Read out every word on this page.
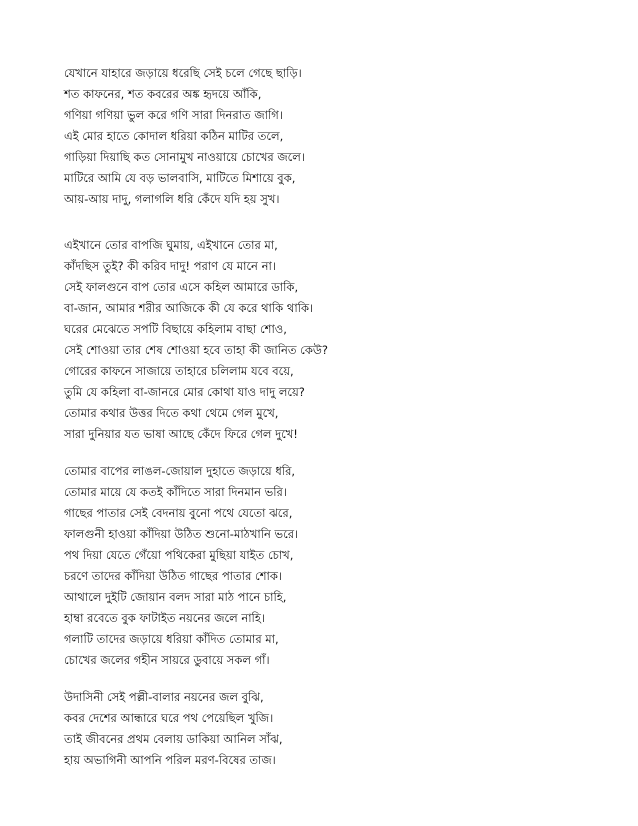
যেখানে যাহারে জড়ায়ে ধরেছি সেই চলে গেছে ছাড়ি।
শত কাফনের, শত কবরের অঙ্ক হৃদয়ে আঁকি,
গণিয়া গণিয়া ভুল করে গণি সারা দিনরাত জাগি।
এই মোর হাতে কোদাল ধরিয়া কঠিন মাটির তলে,
গাড়িয়া দিয়াছি কত সোনামুখ নাওয়ায়ে চোখের জলে।
মাটিরে আমি যে বড় ভালবাসি, মাটিতে মিশায়ে বুক,
আয়-আয় দাদু, গলাগলি ধরি কেঁদে যদি হয় সুখ।
এইখানে তোর বাপজি ঘুমায়, এইখানে তোর মা,
কাঁদছিস তুই? কী করিব দাদু! পরাণ যে মানে না।
সেই ফালগুনে বাপ তোর এসে কহিল আমারে ডাকি,
বা-জান, আমার শরীর আজিকে কী যে করে থাকি থাকি।
ঘরের মেঝেতে সপটি বিছায়ে কহিলাম বাছা শোও,
সেই শোওয়া তার শেষ শোওয়া হবে তাহা কী জানিত কেউ?
গোরের কাফনে সাজায়ে তাহারে চলিলাম যবে বয়ে,
তুমি যে কহিলা বা-জানরে মোর কোথা যাও দাদু লয়ে?
তোমার কথার উত্তর দিতে কথা থেমে গেল মুখে,
সারা দুনিয়ার যত ভাষা আছে কেঁদে ফিরে গেল দুখে!
তোমার বাপের লাঙল-জোয়াল দুহাতে জড়ায়ে ধরি,
তোমার মায়ে যে কতই কাঁদিতে সারা দিনমান ভরি।
গাছের পাতার সেই বেদনায় বুনো পথে যেতো ঝরে,
ফালগুনী হাওয়া কাঁদিয়া উঠিত শুনো-মাঠখানি ভরে।
পথ দিয়া যেতে গেঁয়ো পথিকেরা মুছিয়া যাইত চোখ,
চরণে তাদের কাঁদিয়া উঠিত গাছের পাতার শোক।
আথালে দুইটি জোয়ান বলদ সারা মাঠ পানে চাহি,
হাম্বা রবেতে বুক ফাটাইত নয়নের জলে নাহি।
গলাটি তাদের জড়ায়ে ধরিয়া কাঁদিত তোমার মা,
চোখের জলের গহীন সায়রে ডুবায়ে সকল গাঁ।
উদাসিনী সেই পল্লী-বালার নয়নের জল বুঝি,
কবর দেশের আন্ধারে ঘরে পথ পেয়েছিল খুজি।
তাই জীবনের প্রথম বেলায় ডাকিয়া আনিল সাঁঝ,
হায় অভাগিনী আপনি পরিল মরণ-বিষের তাজ।
